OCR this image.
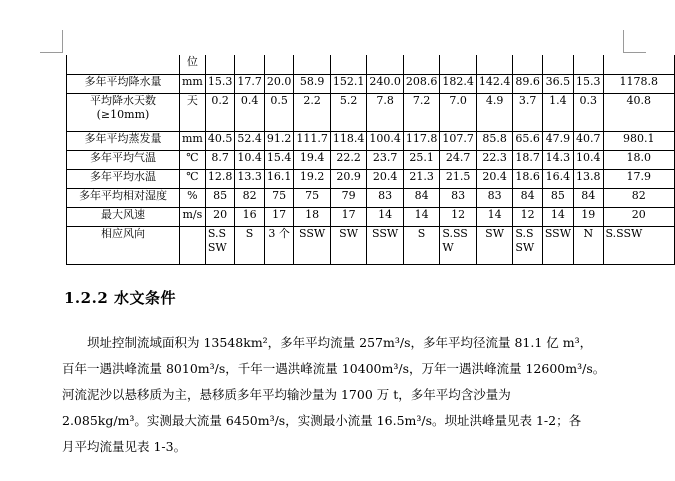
	位													
多年平均降水量	mm	15.3	17.7	20.0	58.9	152.1	240.0	208.6	182.4	142.4	89.6	36.5	15.3	1178.8
平均降水天数(≥10mm)	天	0.2	0.4	0.5	2.2	5.2	7.8	7.2	7.0	4.9	3.7	1.4	0.3	40.8
多年平均蒸发量	mm	40.5	52.4	91.2	111.7	118.4	100.4	117.8	107.7	85.8	65.6	47.9	40.7	980.1
多年平均气温	℃	8.7	10.4	15.4	19.4	22.2	23.7	25.1	24.7	22.3	18.7	14.3	10.4	18.0
多年平均水温	℃	12.8	13.3	16.1	19.2	20.9	20.4	21.3	21.5	20.4	18.6	16.4	13.8	17.9
多年平均相对湿度	%	85	82	75	75	79	83	84	83	83	84	85	84	82
最大风速	m/s	20	16	17	18	17	14	14	12	14	12	14	19	20
相应风向		S.SSW	S	3 个	SSW	SW	SSW	S	S.SSW	SW	S.SSW	SSW	N	S.SSW
1.2.2 水文条件

坝址控制流域面积为 13548km²，多年平均流量 257m³/s，多年平均径流量 81.1 亿 m³，
百年一遇洪峰流量 8010m³/s，千年一遇洪峰流量 10400m³/s，万年一遇洪峰流量 12600m³/s。
河流泥沙以悬移质为主，悬移质多年平均输沙量为 1700 万 t，多年平均含沙量为
2.085kg/m³。实测最大流量 6450m³/s，实测最小流量 16.5m³/s。坝址洪峰量见表 1-2；各
月平均流量见表 1-3。
